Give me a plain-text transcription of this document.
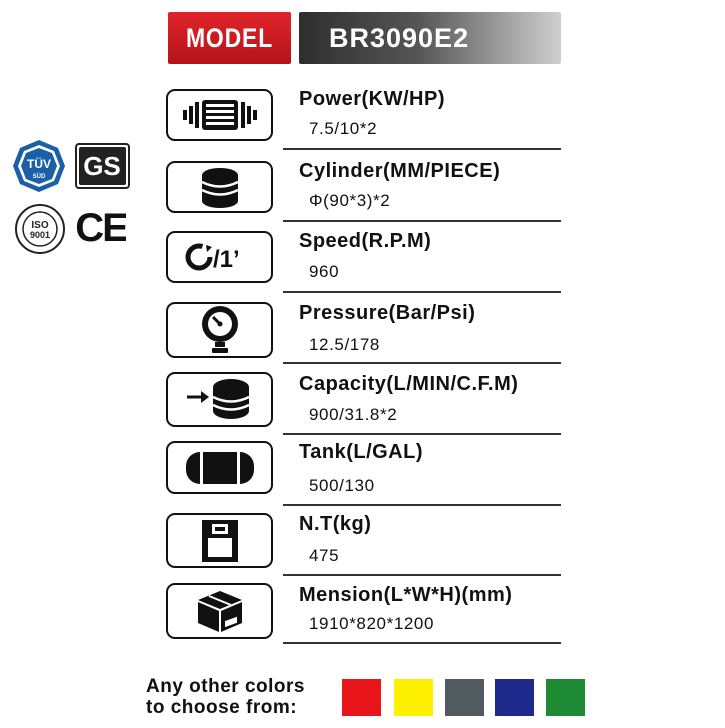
MODEL	BR3090E2
TÜV
SÜD GS
ISO
9001 CE
Power(KW/HP)
7.5/10*2
Cylinder(MM/PIECE)
Φ(90*3)*2
/1’
Speed(R.P.M)
960
Pressure(Bar/Psi)
12.5/178
Capacity(L/MIN/C.F.M)
900/31.8*2
Tank(L/GAL)
500/130
N.T(kg)
475
Mension(L*W*H)(mm)
1910*820*1200
Any other colors
to choose from:
